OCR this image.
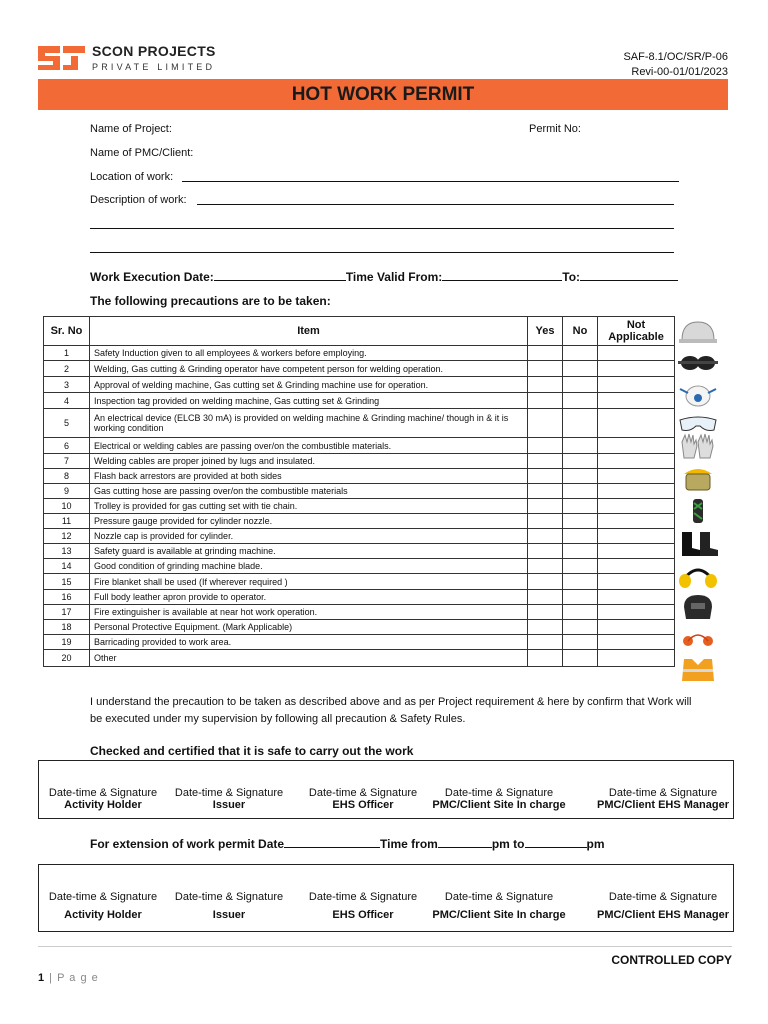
SCON PROJECTS
PRIVATE LIMITED
SAF-8.1/OC/SR/P-06
Revi-00-01/01/2023
HOT WORK PERMIT
Name of Project:	Permit No:
Name of PMC/Client:
Location of work:
Description of work:
Work Execution Date:	Time Valid From:	To:
The following precautions are to be taken:
Sr. No	Item	Yes	No	Not Applicable
1	Safety Induction given to all employees & workers before employing.			
2	Welding, Gas cutting & Grinding operator have competent person for welding operation.			
3	Approval of welding machine, Gas cutting set & Grinding machine use for operation.			
4	Inspection tag provided on welding machine, Gas cutting set & Grinding			
5	An electrical device (ELCB 30 mA) is provided on welding machine & Grinding machine/ though in & it is working condition			
6	Electrical or welding cables are passing over/on the combustible materials.			
7	Welding cables are proper joined by lugs and insulated.			
8	Flash back arrestors are provided at both sides			
9	Gas cutting hose are passing over/on the combustible materials			
10	Trolley is provided for gas cutting set with tie chain.			
11	Pressure gauge provided for cylinder nozzle.			
12	Nozzle cap is provided for cylinder.			
13	Safety guard is available at grinding machine.			
14	Good condition of grinding machine blade.			
15	Fire blanket shall be used (If wherever required )			
16	Full body leather apron provide to operator.			
17	Fire extinguisher is available at near hot work operation.			
18	Personal Protective Equipment. (Mark Applicable)			
19	Barricading provided to work area.			
20	Other			
I understand the precaution to be taken as described above and as per Project requirement & here by confirm that Work will be executed under my supervision by following all precaution & Safety Rules.
Checked and certified that it is safe to carry out the work
Date-time & Signature
Activity Holder
Date-time & Signature
Issuer
Date-time & Signature
EHS Officer
Date-time & Signature
PMC/Client Site In charge
Date-time & Signature
PMC/Client EHS Manager
For extension of work permit Date	Time from	pm to	pm
Date-time & Signature
Activity Holder
Date-time & Signature
Issuer
Date-time & Signature
EHS Officer
Date-time & Signature
PMC/Client Site In charge
Date-time & Signature
PMC/Client EHS Manager
CONTROLLED COPY
1 | P a g e
